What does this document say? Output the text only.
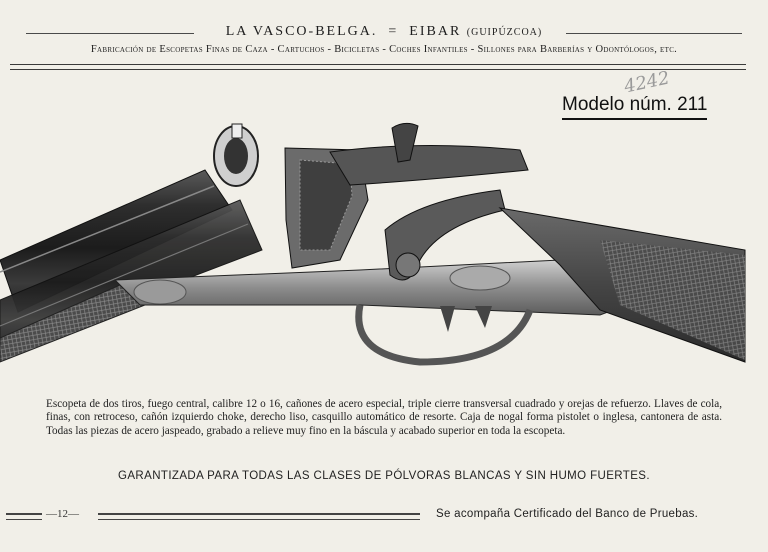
LA VASCO-BELGA. = EIBAR (GUIPÚZCOA)
Fabricación de Escopetas Finas de Caza - Cartuchos - Bicicletas - Coches Infantiles - Sillones para Barberías y Odontólogos, etc.
4242
Modelo núm. 211
Escopeta de dos tiros, fuego central, calibre 12 o 16, cañones de acero especial, triple cierre transversal cuadrado y orejas de refuerzo. Llaves de cola, finas, con retroceso, cañón izquierdo choke, derecho liso, casquillo automático de resorte. Caja de nogal forma pistolet o inglesa, cantonera de asta. Todas las piezas de acero jaspeado, grabado a relieve muy fino en la báscula y acabado superior en toda la escopeta.
GARANTIZADA PARA TODAS LAS CLASES DE PÓLVORAS BLANCAS Y SIN HUMO FUERTES.
—12—	Se acompaña Certificado del Banco de Pruebas.
